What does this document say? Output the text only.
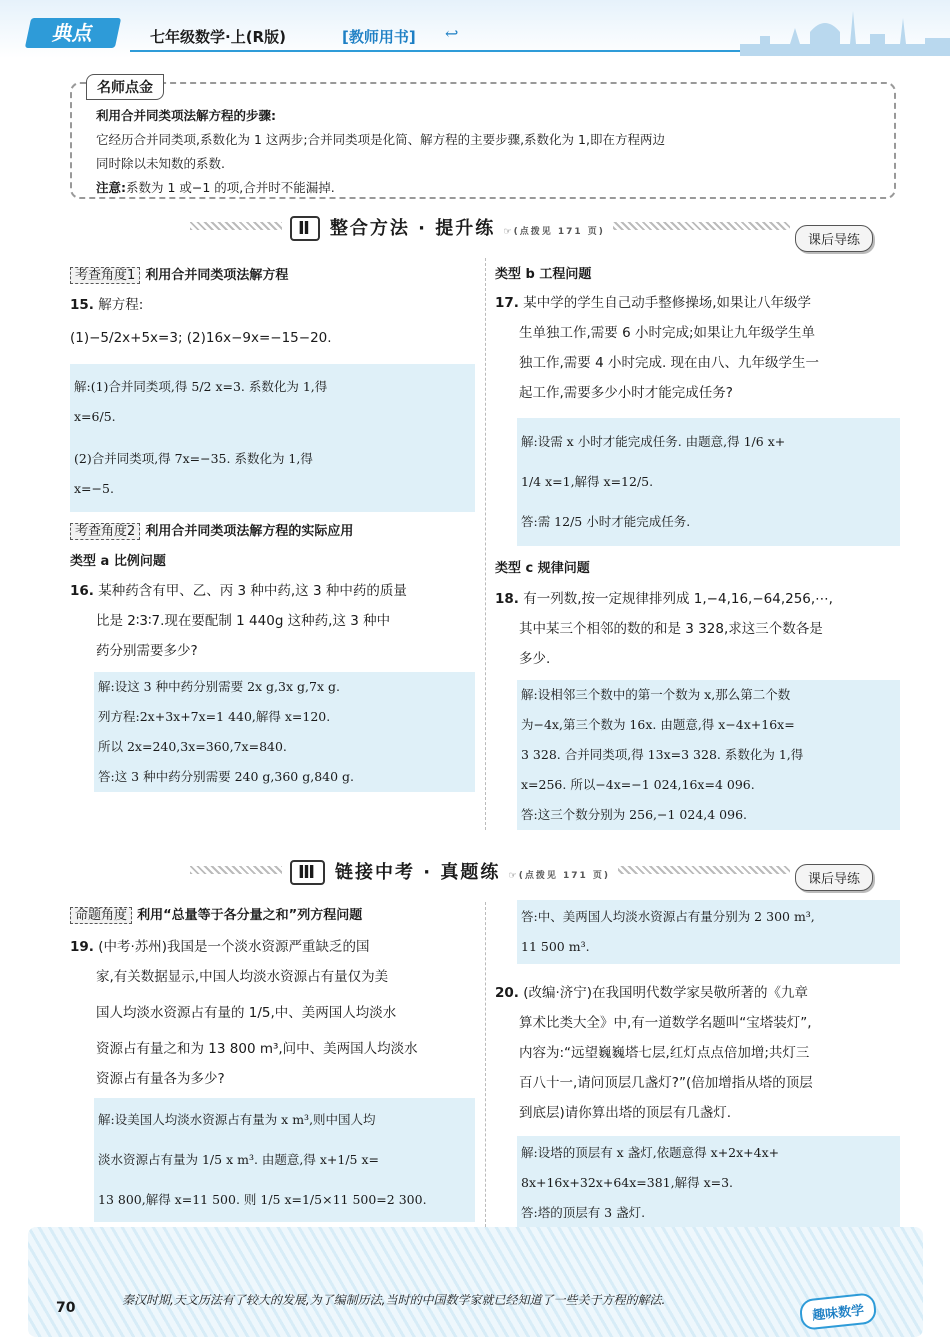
典点	七年级数学·上(R版)	[教师用书] ↩
名师点金
利用合并同类项法解方程的步骤:
它经历合并同类项,系数化为 1 这两步;合并同类项是化简、解方程的主要步骤,系数化为 1,即在方程两边
同时除以未知数的系数.
注意:系数为 1 或−1 的项,合并时不能漏掉.
Ⅱ 整合方法 · 提升练 ☞(点拨见 171 页)
课后导练
考查角度1 利用合并同类项法解方程
15. 解方程:
(1)−5/2x+5x=3; (2)16x−9x=−15−20.
解:(1)合并同类项,得 5/2 x=3. 系数化为 1,得
x=6/5.
(2)合并同类项,得 7x=−35. 系数化为 1,得
x=−5.
考查角度2 利用合并同类项法解方程的实际应用
类型 a 比例问题
16. 某种药含有甲、乙、丙 3 种中药,这 3 种中药的质量
比是 2∶3∶7.现在要配制 1 440g 这种药,这 3 种中
药分别需要多少?
解:设这 3 种中药分别需要 2x g,3x g,7x g.
列方程:2x+3x+7x=1 440,解得 x=120.
所以 2x=240,3x=360,7x=840.
答:这 3 种中药分别需要 240 g,360 g,840 g.
类型 b 工程问题
17. 某中学的学生自己动手整修操场,如果让八年级学
生单独工作,需要 6 小时完成;如果让九年级学生单
独工作,需要 4 小时完成. 现在由八、九年级学生一
起工作,需要多少小时才能完成任务?
解:设需 x 小时才能完成任务. 由题意,得 1/6 x+
1/4 x=1,解得 x=12/5.
答:需 12/5 小时才能完成任务.
类型 c 规律问题
18. 有一列数,按一定规律排列成 1,−4,16,−64,256,⋯,
其中某三个相邻的数的和是 3 328,求这三个数各是
多少.
解:设相邻三个数中的第一个数为 x,那么第二个数
为−4x,第三个数为 16x. 由题意,得 x−4x+16x=
3 328. 合并同类项,得 13x=3 328. 系数化为 1,得
x=256. 所以−4x=−1 024,16x=4 096.
答:这三个数分别为 256,−1 024,4 096.
Ⅲ 链接中考 · 真题练 ☞(点拨见 171 页)	课后导练
命题角度 利用“总量等于各分量之和”列方程问题
19. (中考·苏州)我国是一个淡水资源严重缺乏的国
家,有关数据显示,中国人均淡水资源占有量仅为美
国人均淡水资源占有量的 1/5,中、美两国人均淡水
资源占有量之和为 13 800 m³,问中、美两国人均淡水
资源占有量各为多少?
解:设美国人均淡水资源占有量为 x m³,则中国人均
淡水资源占有量为 1/5 x m³. 由题意,得 x+1/5 x=
13 800,解得 x=11 500. 则 1/5 x=1/5×11 500=2 300.
答:中、美两国人均淡水资源占有量分别为 2 300 m³,
11 500 m³.
20. (改编·济宁)在我国明代数学家吴敬所著的《九章
算术比类大全》中,有一道数学名题叫“宝塔装灯”,
内容为:“远望巍巍塔七层,红灯点点倍加增;共灯三
百八十一,请问顶层几盏灯?”(倍加增指从塔的顶层
到底层)请你算出塔的顶层有几盏灯.
解:设塔的顶层有 x 盏灯,依题意得 x+2x+4x+
8x+16x+32x+64x=381,解得 x=3.
答:塔的顶层有 3 盏灯.
70	秦汉时期,天文历法有了较大的发展,为了编制历法,当时的中国数学家就已经知道了一些关于方程的解法.
趣味数学
